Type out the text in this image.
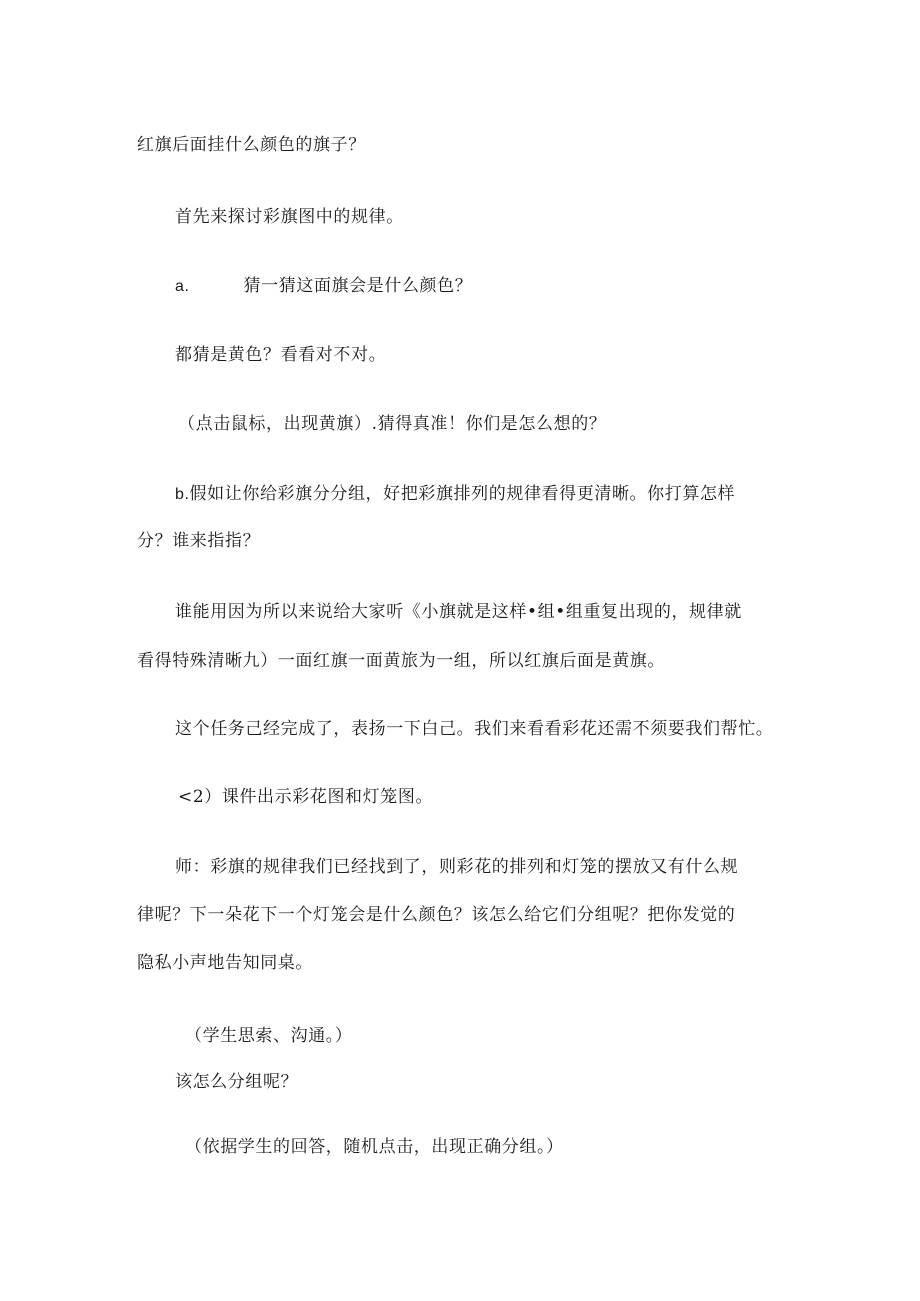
红旗后面挂什么颜色的旗子？
首先来探讨彩旗图中的规律。
a.	猜一猜这面旗会是什么颜色？
都猜是黄色？看看对不对。
（点击鼠标，出现黄旗）.猜得真准！你们是怎么想的？
b.假如让你给彩旗分分组，好把彩旗排列的规律看得更清晰。你打算怎样
分？谁来指指？
谁能用因为所以来说给大家听《小旗就是这样•组•组重复出现的，规律就
看得特殊清晰九）一面红旗一面黄旅为一组，所以红旗后面是黄旗。
这个任务己经完成了，表扬一下白己。我们来看看彩花还需不须要我们帮忙。
<2）课件出示彩花图和灯笼图。
师：彩旗的规律我们已经找到了，则彩花的排列和灯笼的摆放又有什么规
律呢？下一朵花下一个灯笼会是什么颜色？该怎么给它们分组呢？把你发觉的
隐私小声地告知同桌。
（学生思索、沟通。）
该怎么分组呢？
（依据学生的回答，随机点击，出现正确分组。）
